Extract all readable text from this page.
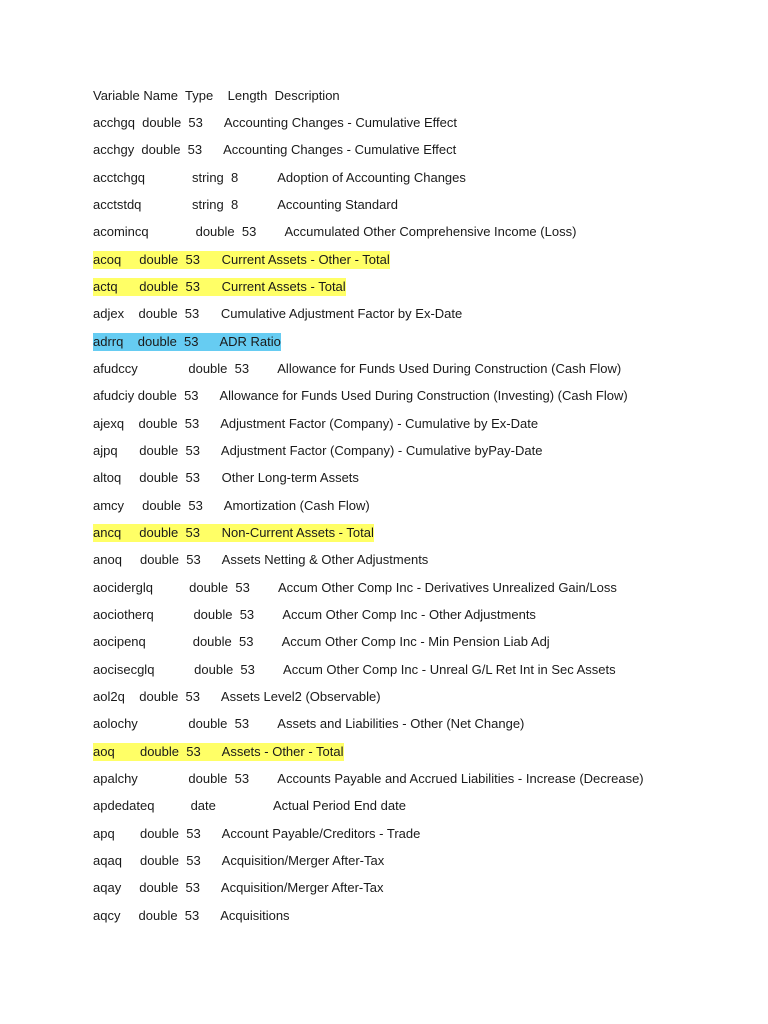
Variable Name  Type    Length  Description
acchgq  double  53      Accounting Changes - Cumulative Effect
acchgy  double  53      Accounting Changes - Cumulative Effect
acctchgq             string  8           Adoption of Accounting Changes
acctstdq              string  8           Accounting Standard
acomincq             double  53        Accumulated Other Comprehensive Income (Loss)
acoq     double  53      Current Assets - Other - Total
actq      double  53      Current Assets - Total
adjex    double  53      Cumulative Adjustment Factor by Ex-Date
adrrq    double  53      ADR Ratio
afudccy              double  53        Allowance for Funds Used During Construction (Cash Flow)
afudciy double  53      Allowance for Funds Used During Construction (Investing) (Cash Flow)
ajexq    double  53      Adjustment Factor (Company) - Cumulative by Ex-Date
ajpq      double  53      Adjustment Factor (Company) - Cumulative byPay-Date
altoq     double  53      Other Long-term Assets
amcy     double  53      Amortization (Cash Flow)
ancq     double  53      Non-Current Assets - Total
anoq     double  53      Assets Netting & Other Adjustments
aociderglq          double  53        Accum Other Comp Inc - Derivatives Unrealized Gain/Loss
aociotherq           double  53        Accum Other Comp Inc - Other Adjustments
aocipenq             double  53        Accum Other Comp Inc - Min Pension Liab Adj
aocisecglq           double  53        Accum Other Comp Inc - Unreal G/L Ret Int in Sec Assets
aol2q    double  53      Assets Level2 (Observable)
aolochy              double  53        Assets and Liabilities - Other (Net Change)
aoq       double  53      Assets - Other - Total
apalchy              double  53        Accounts Payable and Accrued Liabilities - Increase (Decrease)
apdedateq          date                Actual Period End date
apq       double  53      Account Payable/Creditors - Trade
aqaq     double  53      Acquisition/Merger After-Tax
aqay     double  53      Acquisition/Merger After-Tax
aqcy     double  53      Acquisitions
